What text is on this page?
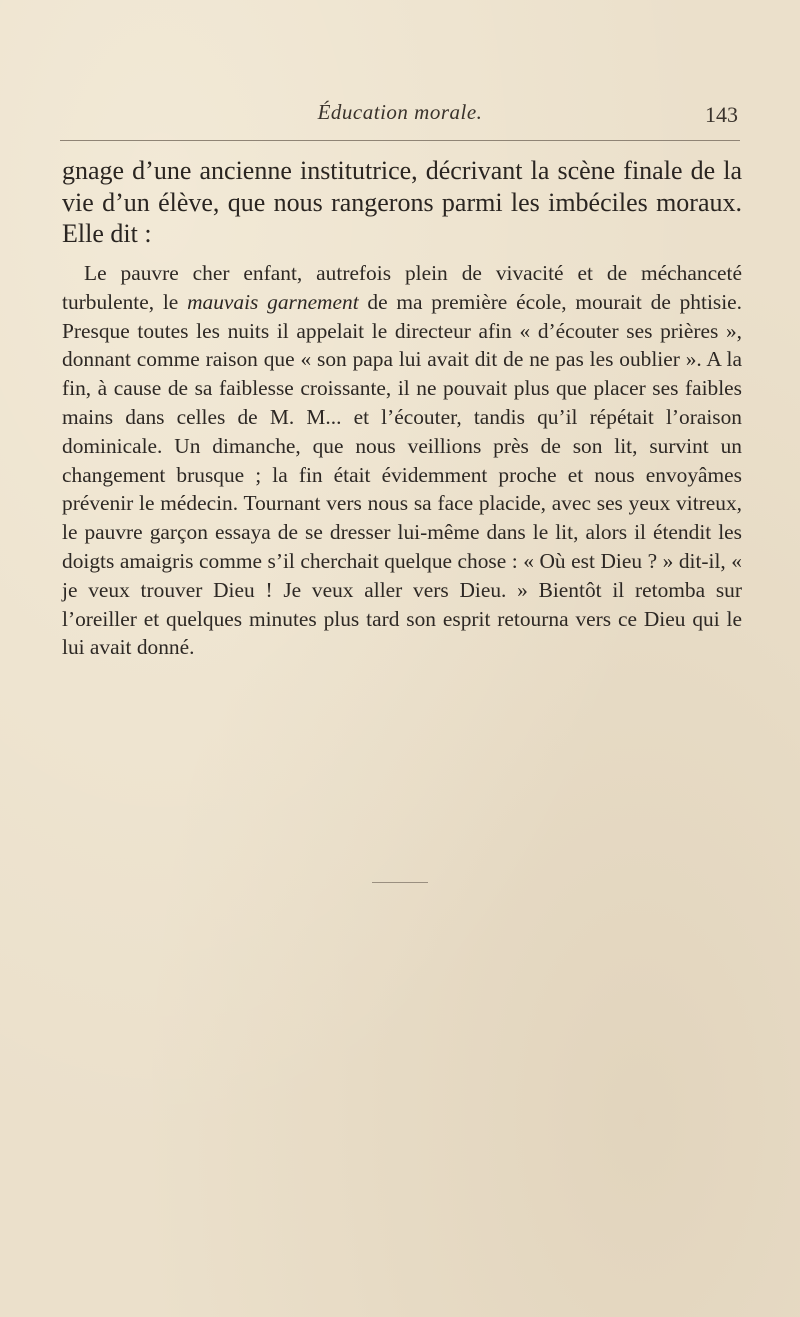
Éducation morale.	143

gnage d’une ancienne institutrice, décrivant la scène finale de la vie d’un élève, que nous rangerons parmi les imbéciles moraux. Elle dit :

Le pauvre cher enfant, autrefois plein de vivacité et de méchanceté turbulente, le mauvais garnement de ma première école, mourait de phtisie. Presque toutes les nuits il appelait le directeur afin « d’écouter ses prières », donnant comme raison que « son papa lui avait dit de ne pas les oublier ». A la fin, à cause de sa faiblesse croissante, il ne pouvait plus que placer ses faibles mains dans celles de M. M... et l’écouter, tandis qu’il répétait l’oraison dominicale. Un dimanche, que nous veillions près de son lit, survint un changement brusque ; la fin était évidemment proche et nous envoyâmes prévenir le médecin. Tournant vers nous sa face placide, avec ses yeux vitreux, le pauvre garçon essaya de se dresser lui-même dans le lit, alors il étendit les doigts amaigris comme s’il cherchait quelque chose : « Où est Dieu ? » dit-il, « je veux trouver Dieu ! Je veux aller vers Dieu. » Bientôt il retomba sur l’oreiller et quelques minutes plus tard son esprit retourna vers ce Dieu qui le lui avait donné.
